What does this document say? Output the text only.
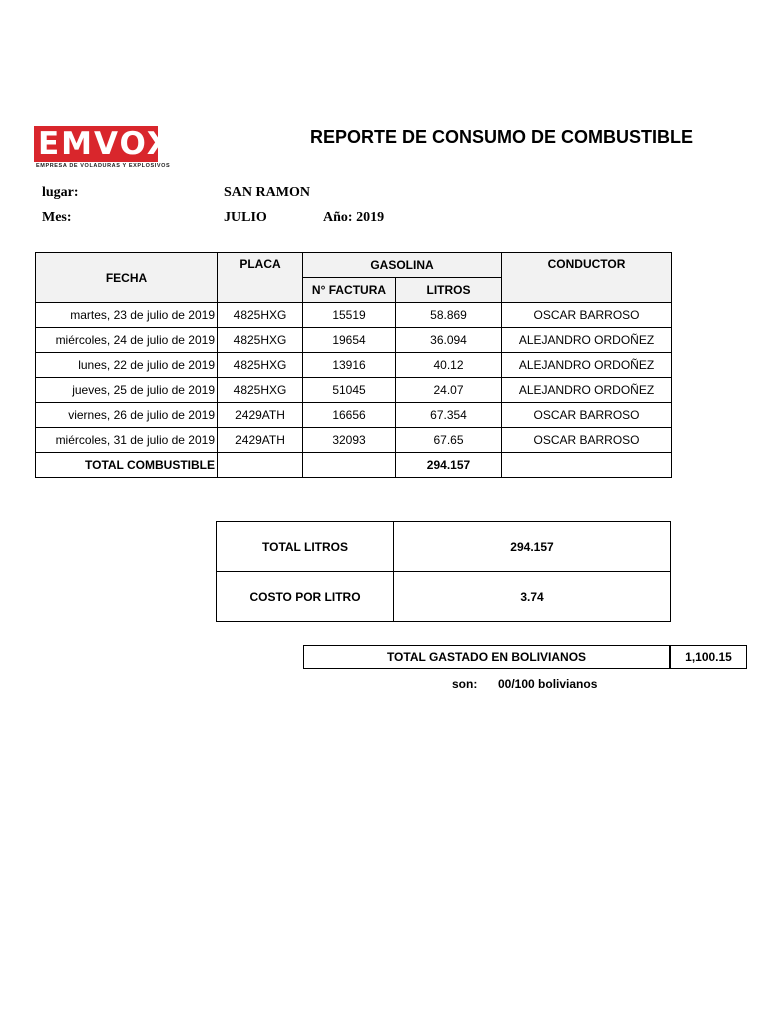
EMVOX!
EMPRESA DE VOLADURAS Y EXPLOSIVOS
REPORTE DE CONSUMO DE COMBUSTIBLE
lugar:	SAN RAMON
Mes:	JULIO	Año: 2019
FECHA	PLACA	GASOLINA		CONDUCTOR
		N° FACTURA	LITROS	
martes, 23 de julio de 2019	4825HXG	15519	58.869	OSCAR BARROSO
miércoles, 24 de julio de 2019	4825HXG	19654	36.094	ALEJANDRO ORDOÑEZ
lunes, 22 de julio de 2019	4825HXG	13916	40.12	ALEJANDRO ORDOÑEZ
jueves, 25 de julio de 2019	4825HXG	51045	24.07	ALEJANDRO ORDOÑEZ
viernes, 26 de julio de 2019	2429ATH	16656	67.354	OSCAR BARROSO
miércoles, 31 de julio de 2019	2429ATH	32093	67.65	OSCAR BARROSO
TOTAL COMBUSTIBLE			294.157	
TOTAL LITROS	294.157
COSTO POR LITRO	3.74
TOTAL GASTADO EN BOLIVIANOS	1,100.15
son: 00/100 bolivianos
